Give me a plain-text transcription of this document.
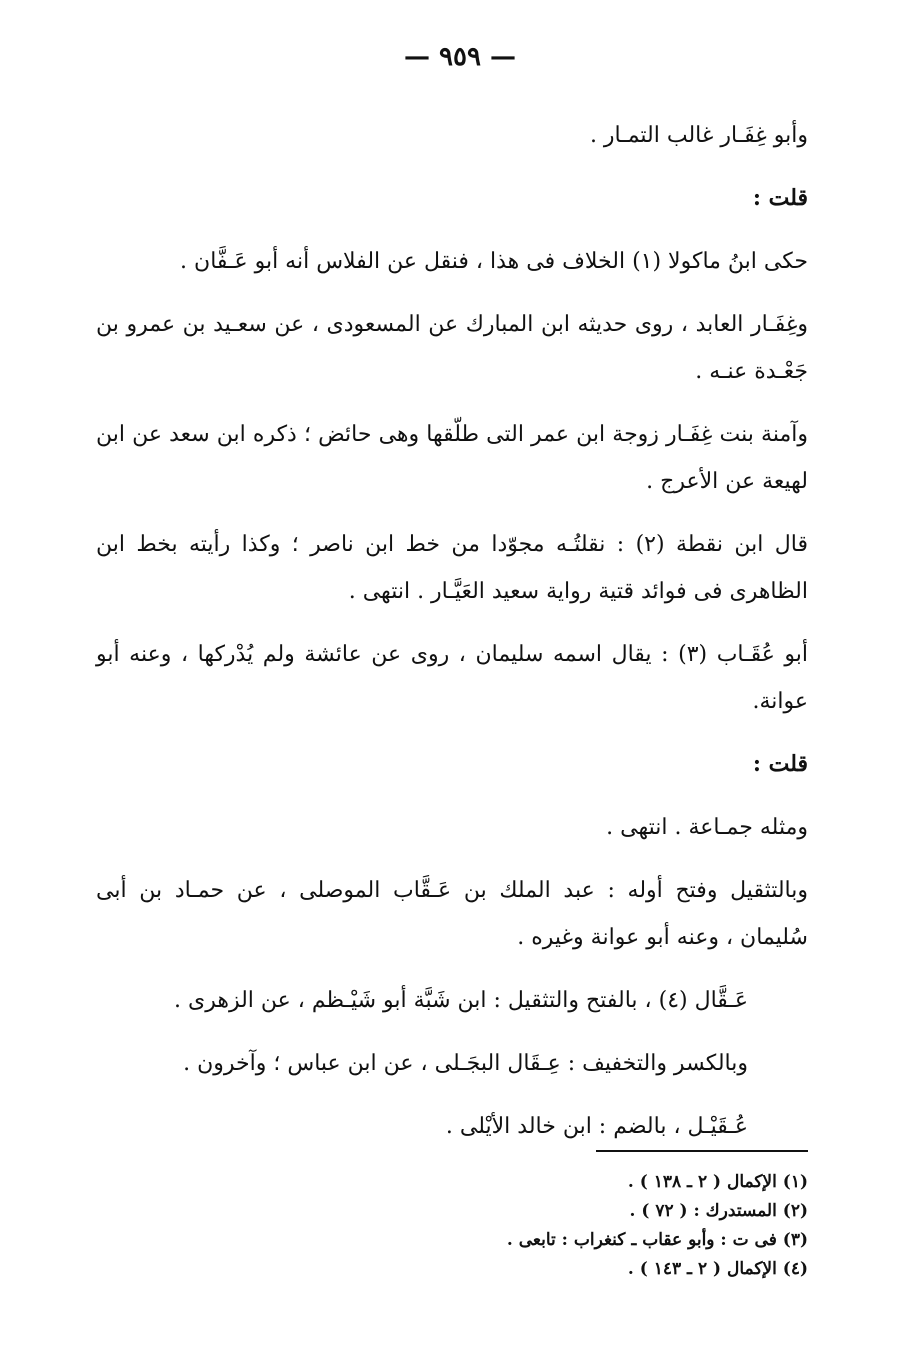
— ٩٥٩ —

وأبو غِفَـار غالب التمـار .

قلت :

حكى ابنُ ماكولا (١) الخلاف فى هذا ، فنقل عن الفلاس أنه أبو عَـفَّان .

وغِفَـار العابد ، روى حديثه ابن المبارك عن المسعودى ، عن سعـيد بن عمرو بن جَعْـدة عنـه .

وآمنة بنت غِفَـار زوجة ابن عمر التى طلّقها وهى حائض ؛ ذكره ابن سعد عن ابن لهيعة عن الأعرج .

قال ابن نقطة (٢) : نقلتُـه مجوّدا من خط ابن ناصر ؛ وكذا رأيته بخط ابن الظاهرى فى فوائد قتية رواية سعيد العَيَّـار . انتهى .

أبو عُقَـاب (٣) : يقال اسمه سليمان ، روى عن عائشة ولم يُدْركها ، وعنه أبو عوانة.

قلت :

ومثله جمـاعة . انتهى .

وبالتثقيل وفتح أوله : عبد الملك بن عَـقَّاب الموصلى ، عن حمـاد بن أبى سُليمان ، وعنه أبو عوانة وغيره .

عَـقَّال (٤) ، بالفتح والتثقيل : ابن شَبَّة أبو شَيْـظم ، عن الزهرى .

وبالكسر والتخفيف : عِـقَال البجَـلى ، عن ابن عباس ؛ وآخرون .

عُـقَيْـل ، بالضم : ابن خالد الأيْلى .

(١) الإكمال ( ٢ ـ ١٣٨ ) .

(٢) المستدرك : ( ٧٢ ) .

(٣) فى ت : وأبو عقاب ـ كنغراب : تابعى .

(٤) الإكمال ( ٢ ـ ١٤٣ ) .
